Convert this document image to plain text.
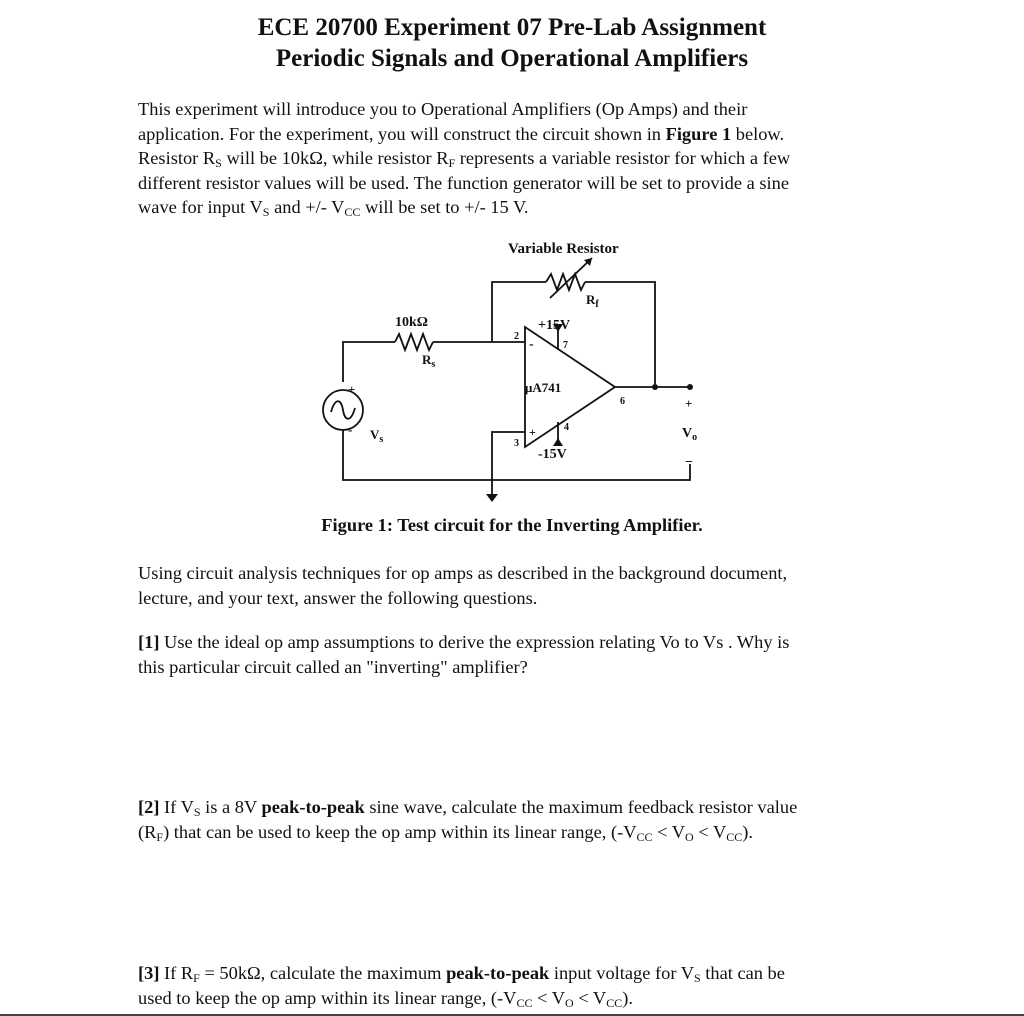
ECE 20700 Experiment 07 Pre-Lab Assignment
Periodic Signals and Operational Amplifiers
This experiment will introduce you to Operational Amplifiers (Op Amps) and their
application. For the experiment, you will construct the circuit shown in Figure 1 below.
Resistor $R_S$ will be 10kΩ, while resistor $R_F$ represents a variable resistor for which a few
different resistor values will be used. The function generator will be set to provide a sine
wave for input $V_S$ and +/- $V_{CC}$ will be set to +/- 15 V.
Variable Resistor
$R_f$
10kΩ
$R_s$
+15V
-15V
μA741
2
3
4
6
7
-
+
+
- $V_s$
+
$V_o$
−
Figure 1: Test circuit for the Inverting Amplifier.
Using circuit analysis techniques for op amps as described in the background document,
lecture, and your text, answer the following questions.
[1] Use the ideal op amp assumptions to derive the expression relating Vo to Vs . Why is
this particular circuit called an "inverting" amplifier?
[2] If $V_S$ is a 8V peak-to-peak sine wave, calculate the maximum feedback resistor value
$(R_F)$ that can be used to keep the op amp within its linear range, $(-V_{CC} < V_O < V_{CC})$.
[3] If $R_F = 50k\Omega$, calculate the maximum peak-to-peak input voltage for $V_S$ that can be
used to keep the op amp within its linear range, $(-V_{CC} < V_O < V_{CC})$.
